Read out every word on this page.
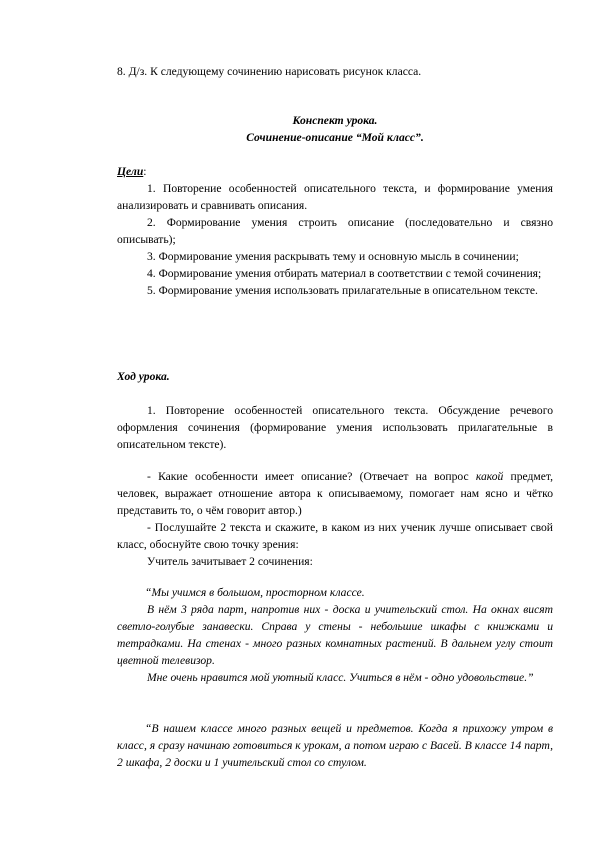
8. Д/з. К следующему сочинению нарисовать рисунок класса.

Конспект урока.

Сочинение-описание “Мой класс”.

Цели:

1. Повторение особенностей описательного текста, и формирование умения анализировать и сравнивать описания.

2. Формирование умения строить описание (последовательно и связно описывать);

3. Формирование умения раскрывать тему и основную мысль в сочинении;

4. Формирование умения отбирать материал в соответствии с темой сочинения;

5. Формирование умения использовать прилагательные в описательном тексте.

Ход урока.

1. Повторение особенностей описательного текста. Обсуждение речевого оформления сочинения (формирование умения использовать прилагательные в описательном тексте).

- Какие особенности имеет описание? (Отвечает на вопрос какой предмет, человек, выражает отношение автора к описываемому, помогает нам ясно и чётко представить то, о чём говорит автор.)

- Послушайте 2 текста и скажите, в каком из них ученик лучше описывает свой класс, обоснуйте свою точку зрения:

Учитель зачитывает 2 сочинения:

“Мы учимся в большом, просторном классе.

В нём 3 ряда парт, напротив них - доска и учительский стол. На окнах висят светло-голубые занавески. Справа у стены - небольшие шкафы с книжками и тетрадками. На стенах - много разных комнатных растений. В дальнем углу стоит цветной телевизор.

Мне очень нравится мой уютный класс. Учиться в нём - одно удовольствие.”

“В нашем классе много разных вещей и предметов. Когда я прихожу утром в класс, я сразу начинаю готовиться к урокам, а потом играю с Васей. В классе 14 парт, 2 шкафа, 2 доски и 1 учительский стол со стулом.
